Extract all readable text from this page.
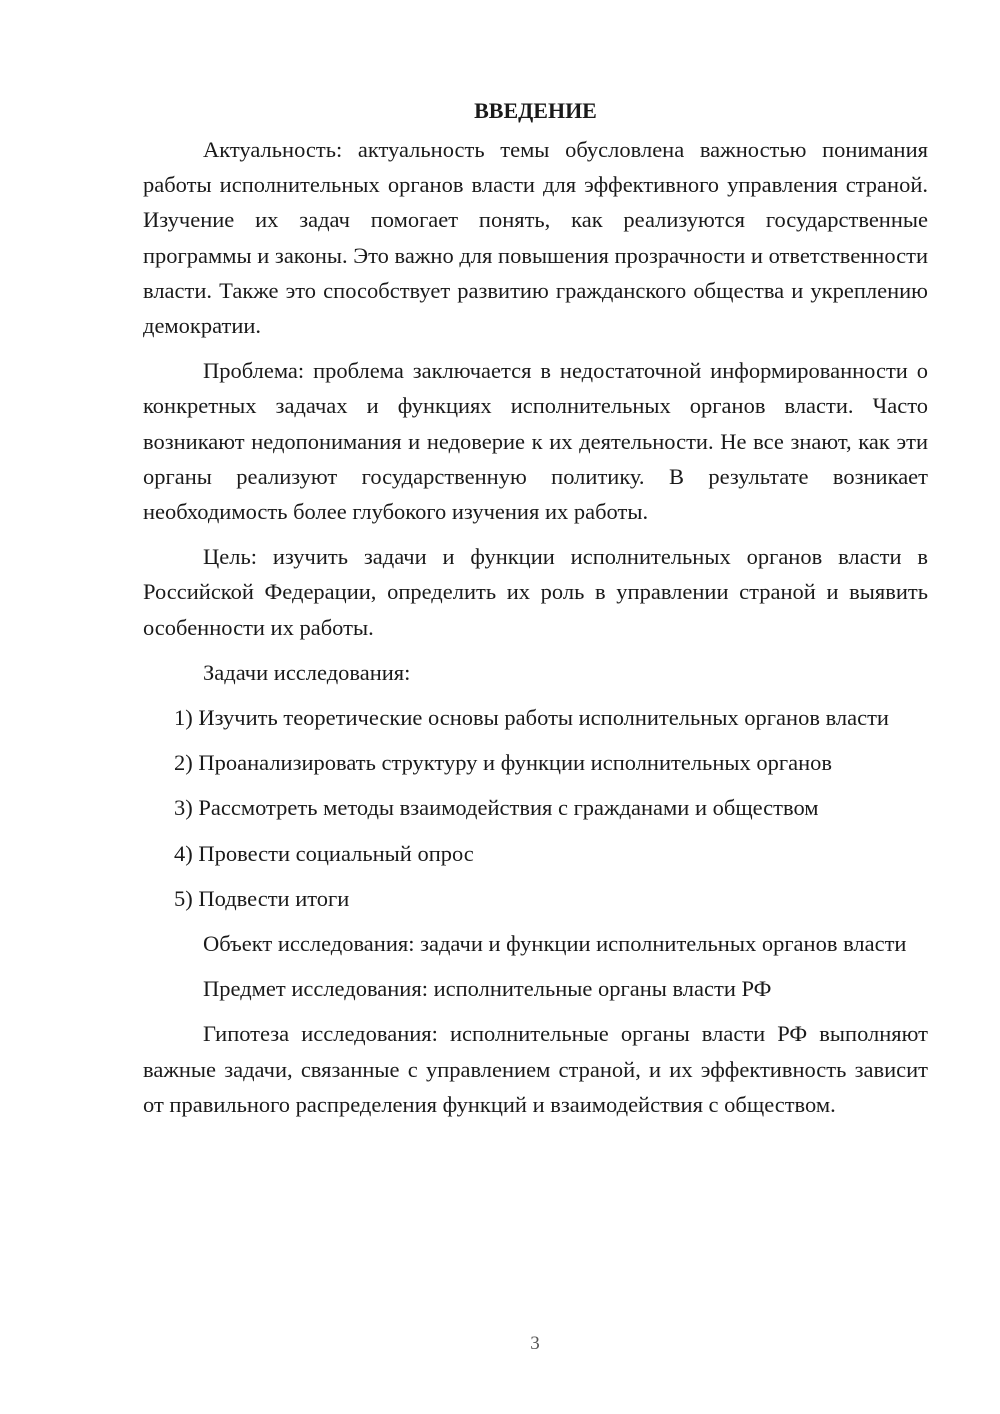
ВВЕДЕНИЕ

Актуальность: актуальность темы обусловлена важностью понимания работы исполнительных органов власти для эффективного управления страной. Изучение их задач помогает понять, как реализуются государственные программы и законы. Это важно для повышения прозрачности и ответственности власти. Также это способствует развитию гражданского общества и укреплению демократии.

Проблема: проблема заключается в недостаточной информированности о конкретных задачах и функциях исполнительных органов власти. Часто возникают недопонимания и недоверие к их деятельности. Не все знают, как эти органы реализуют государственную политику. В результате возникает необходимость более глубокого изучения их работы.

Цель: изучить задачи и функции исполнительных органов власти в Российской Федерации, определить их роль в управлении страной и выявить особенности их работы.

Задачи исследования:

1) Изучить теоретические основы работы исполнительных органов власти

2) Проанализировать структуру и функции исполнительных органов

3) Рассмотреть методы взаимодействия с гражданами и обществом

4) Провести социальный опрос

5) Подвести итоги

Объект исследования: задачи и функции исполнительных органов власти

Предмет исследования: исполнительные органы власти РФ

Гипотеза исследования: исполнительные органы власти РФ выполняют важные задачи, связанные с управлением страной, и их эффективность зависит от правильного распределения функций и взаимодействия с обществом.

3
